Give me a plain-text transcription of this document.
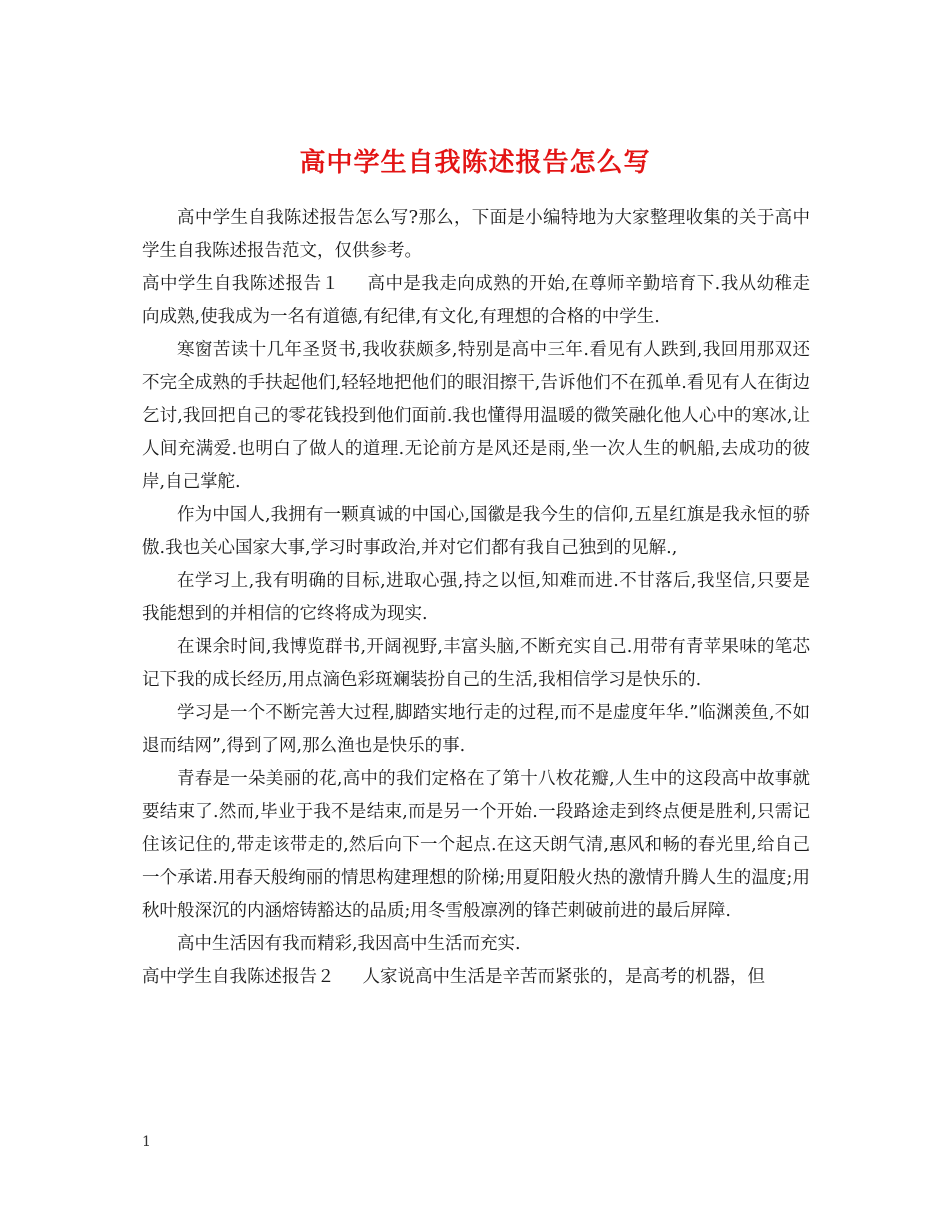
高中学生自我陈述报告怎么写

高中学生自我陈述报告怎么写?那么，下面是小编特地为大家整理收集的关于高中学生自我陈述报告范文，仅供参考。

高中学生自我陈述报告１ 高中是我走向成熟的开始,在尊师辛勤培育下.我从幼稚走向成熟,使我成为一名有道德,有纪律,有文化,有理想的合格的中学生.

寒窗苦读十几年圣贤书,我收获颇多,特别是高中三年.看见有人跌到,我回用那双还不完全成熟的手扶起他们,轻轻地把他们的眼泪擦干,告诉他们不在孤单.看见有人在街边乞讨,我回把自己的零花钱投到他们面前.我也懂得用温暖的微笑融化他人心中的寒冰,让人间充满爱.也明白了做人的道理.无论前方是风还是雨,坐一次人生的帆船,去成功的彼岸,自己掌舵.

作为中国人,我拥有一颗真诚的中国心,国徽是我今生的信仰,五星红旗是我永恒的骄傲.我也关心国家大事,学习时事政治,并对它们都有我自己独到的见解.,

在学习上,我有明确的目标,进取心强,持之以恒,知难而进.不甘落后,我坚信,只要是我能想到的并相信的它终将成为现实.

在课余时间,我博览群书,开阔视野,丰富头脑,不断充实自己.用带有青苹果味的笔芯记下我的成长经历,用点滴色彩斑斓装扮自己的生活,我相信学习是快乐的.

学习是一个不断完善大过程,脚踏实地行走的过程,而不是虚度年华.”临渊羡鱼,不如退而结网”,得到了网,那么渔也是快乐的事.

青春是一朵美丽的花,高中的我们定格在了第十八枚花瓣,人生中的这段高中故事就要结束了.然而,毕业于我不是结束,而是另一个开始.一段路途走到终点便是胜利,只需记住该记住的,带走该带走的,然后向下一个起点.在这天朗气清,惠风和畅的春光里,给自己一个承诺.用春天般绚丽的情思构建理想的阶梯;用夏阳般火热的激情升腾人生的温度;用秋叶般深沉的内涵熔铸豁达的品质;用冬雪般凛冽的锋芒刺破前进的最后屏障.

高中生活因有我而精彩,我因高中生活而充实.

高中学生自我陈述报告２ 人家说高中生活是辛苦而紧张的，是高考的机器，但

1
